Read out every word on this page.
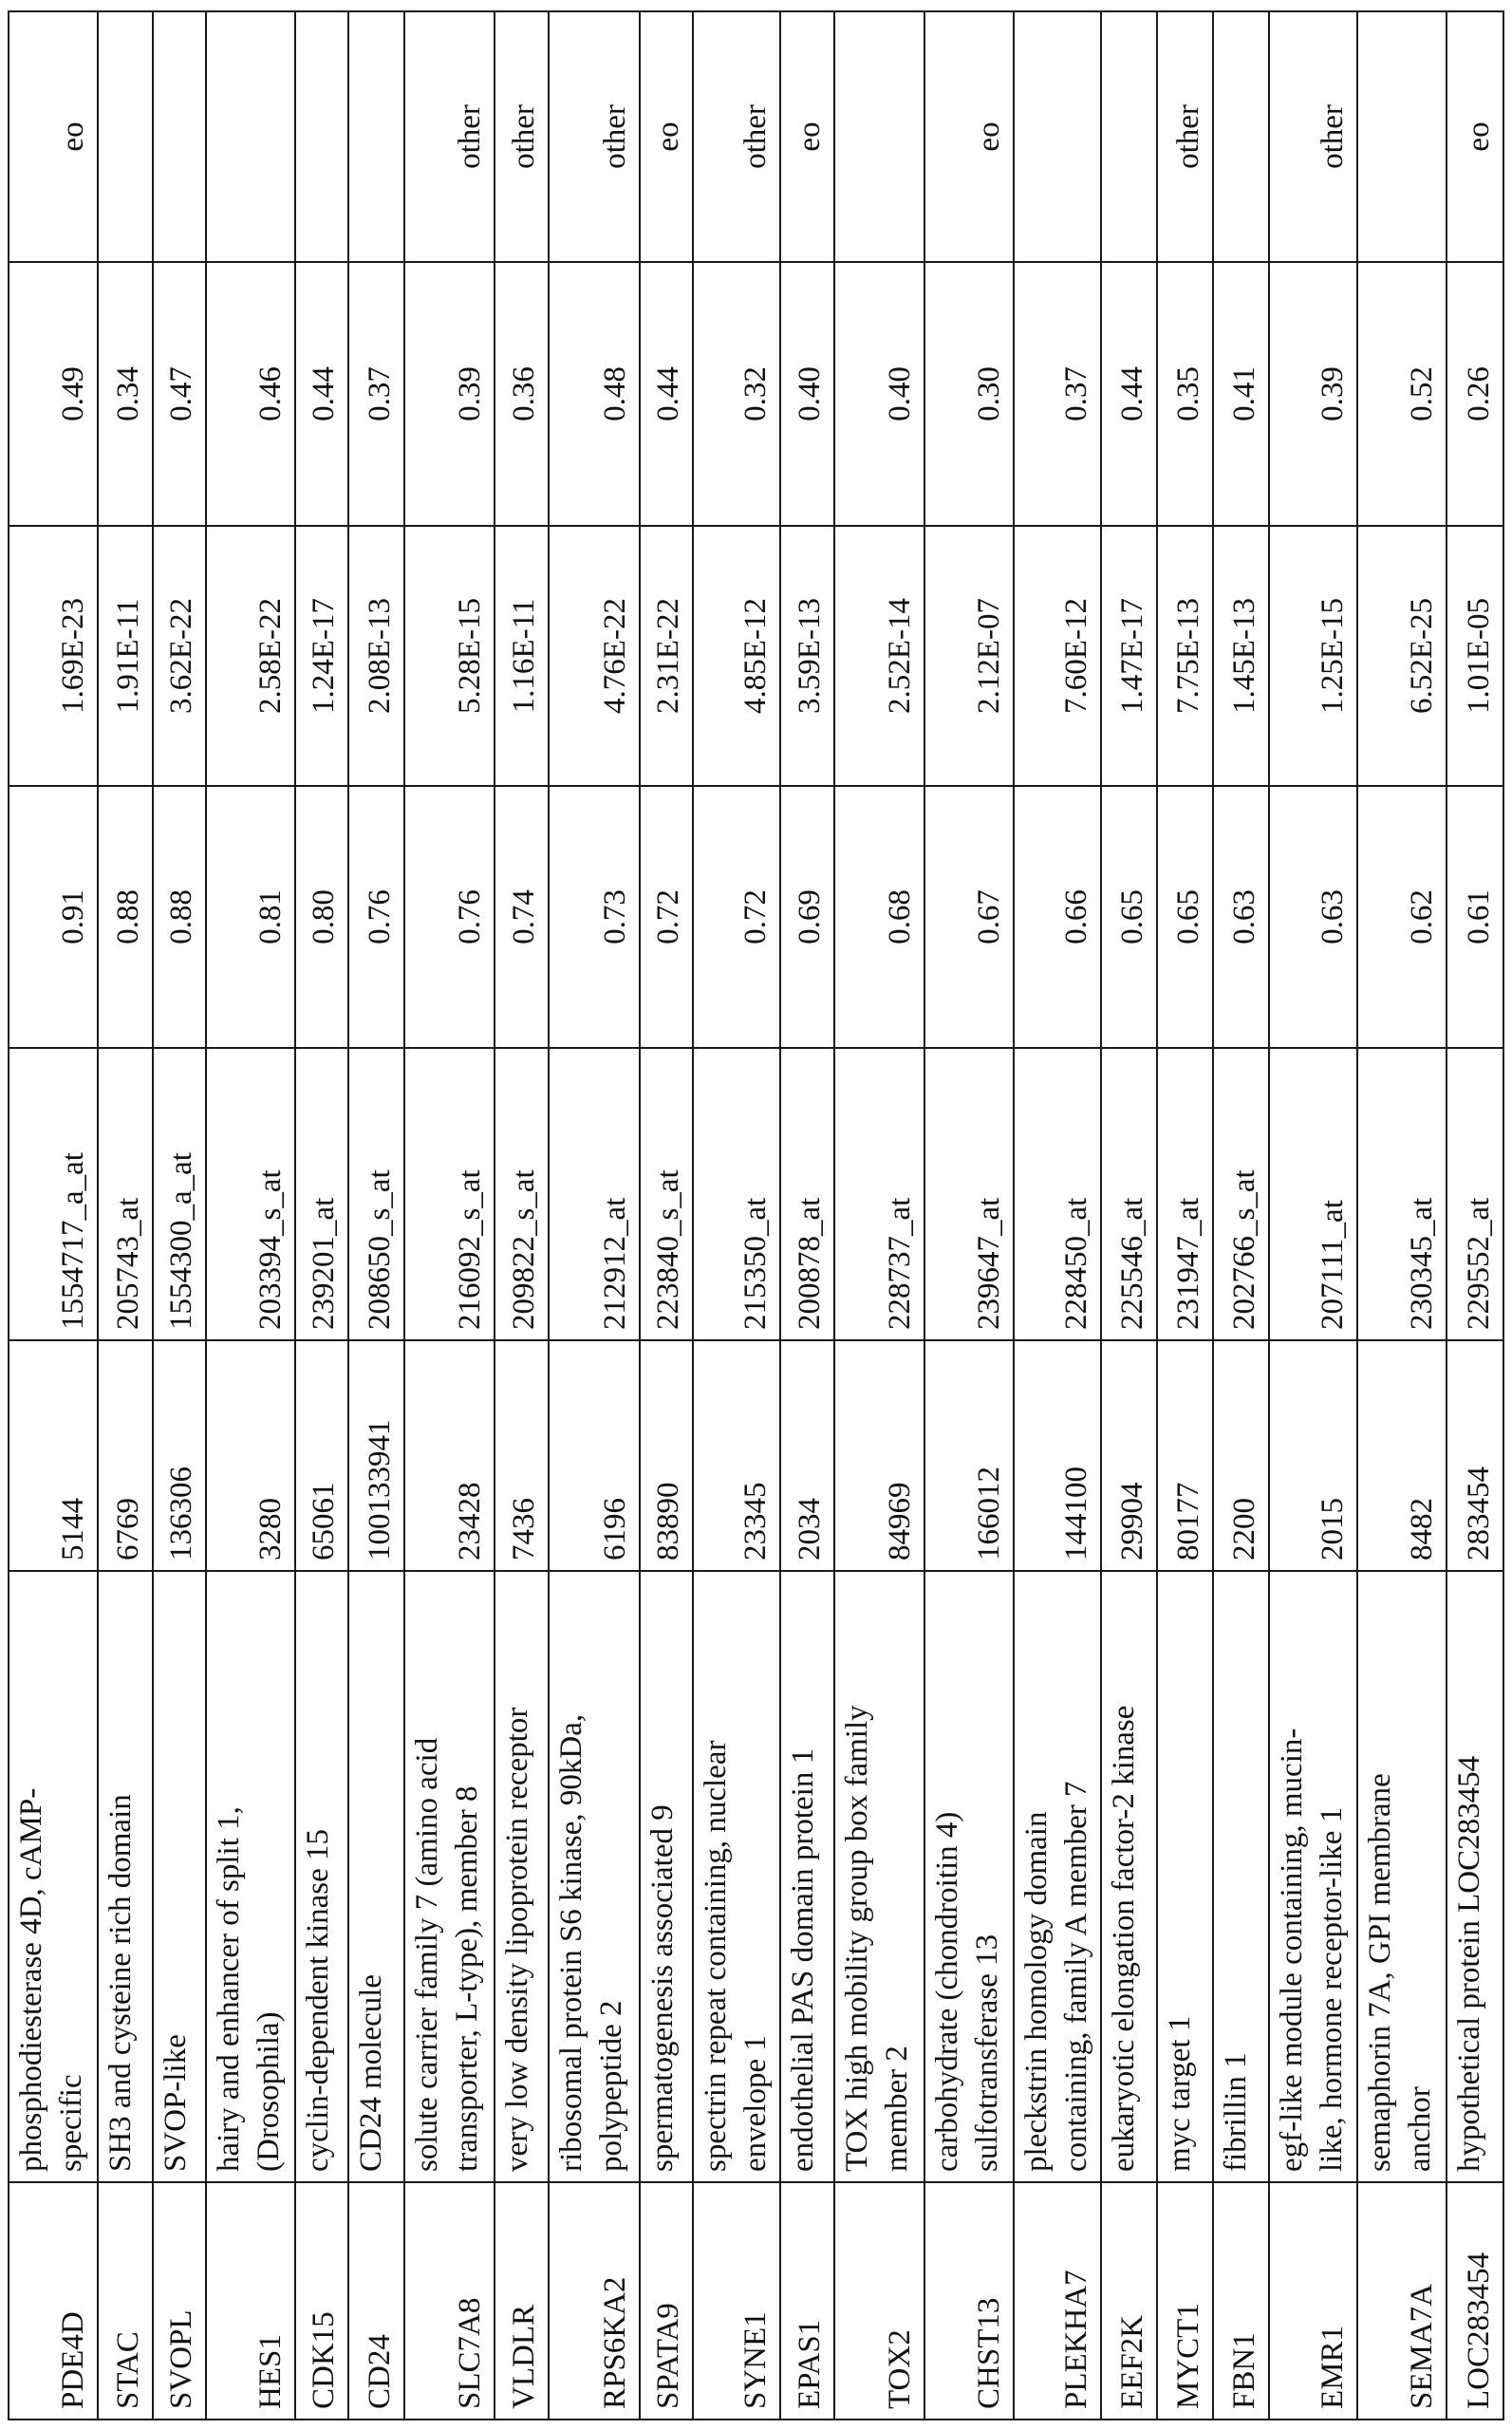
PDE4D	phosphodiesterase 4D, cAMP-
specific	5144	1554717_a_at	0.91	1.69E-23	0.49	eo
STAC	SH3 and cysteine rich domain	6769	205743_at	0.88	1.91E-11	0.34	
SVOPL	SVOP-like	136306	1554300_a_at	0.88	3.62E-22	0.47	
HES1	hairy and enhancer of split 1,
(Drosophila)	3280	203394_s_at	0.81	2.58E-22	0.46	
CDK15	cyclin-dependent kinase 15	65061	239201_at	0.80	1.24E-17	0.44	
CD24	CD24 molecule	100133941	208650_s_at	0.76	2.08E-13	0.37	
SLC7A8	solute carrier family 7 (amino acid
transporter, L-type), member 8	23428	216092_s_at	0.76	5.28E-15	0.39	other
VLDLR	very low density lipoprotein receptor	7436	209822_s_at	0.74	1.16E-11	0.36	other
RPS6KA2	ribosomal protein S6 kinase, 90kDa,
polypeptide 2	6196	212912_at	0.73	4.76E-22	0.48	other
SPATA9	spermatogenesis associated 9	83890	223840_s_at	0.72	2.31E-22	0.44	eo
SYNE1	spectrin repeat containing, nuclear
envelope 1	23345	215350_at	0.72	4.85E-12	0.32	other
EPAS1	endothelial PAS domain protein 1	2034	200878_at	0.69	3.59E-13	0.40	eo
TOX2	TOX high mobility group box family
member 2	84969	228737_at	0.68	2.52E-14	0.40	
CHST13	carbohydrate (chondroitin 4)
sulfotransferase 13	166012	239647_at	0.67	2.12E-07	0.30	eo
PLEKHA7	pleckstrin homology domain
containing, family A member 7	144100	228450_at	0.66	7.60E-12	0.37	
EEF2K	eukaryotic elongation factor-2 kinase	29904	225546_at	0.65	1.47E-17	0.44	
MYCT1	myc target 1	80177	231947_at	0.65	7.75E-13	0.35	other
FBN1	fibrillin 1	2200	202766_s_at	0.63	1.45E-13	0.41	
EMR1	egf-like module containing, mucin-
like, hormone receptor-like 1	2015	207111_at	0.63	1.25E-15	0.39	other
SEMA7A	semaphorin 7A, GPI membrane
anchor	8482	230345_at	0.62	6.52E-25	0.52	
LOC283454	hypothetical protein LOC283454	283454	229552_at	0.61	1.01E-05	0.26	eo
